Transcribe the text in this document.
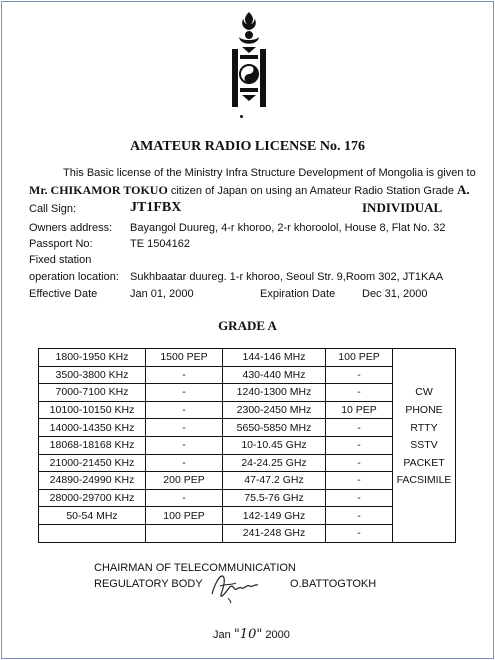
AMATEUR RADIO LICENSE No. 176
This Basic license of the Ministry Infra Structure Development of Mongolia is given to
Mr. CHIKAMOR TOKUO citizen of Japan on using an Amateur Radio Station Grade A.
Call Sign:	JT1FBX	INDIVIDUAL
Owners address: Bayangol Duureg, 4-r khoroo, 2-r khoroolol, House 8, Flat No. 32
Passport No:	TE 1504162
Fixed station
operation location: Sukhbaatar duureg. 1-r khoroo, Seoul Str. 9,Room 302, JT1KAA
Effective Date	Jan 01, 2000	Expiration Date Dec 31, 2000
GRADE A
1800-1950 KHz	1500 PEP	144-146 MHz	100 PEP	
3500-3800 KHz	-	430-440 MHz	-	
7000-7100 KHz	-	1240-1300 MHz	-	CW
10100-10150 KHz	-	2300-2450 MHz	10 PEP	PHONE
14000-14350 KHz	-	5650-5850 MHz	-	RTTY
18068-18168 KHz	-	10-10.45 GHz	-	SSTV
21000-21450 KHz	-	24-24.25 GHz	-	PACKET
24890-24990 KHz	200 PEP	47-47.2 GHz	-	FACSIMILE
28000-29700 KHz	-	75.5-76 GHz	-	
50-54 MHz	100 PEP	142-149 GHz	-	
		241-248 GHz	-	
CHAIRMAN OF TELECOMMUNICATION
REGULATORY BODY	O.BATTOGTOKH
Jan "10" 2000
